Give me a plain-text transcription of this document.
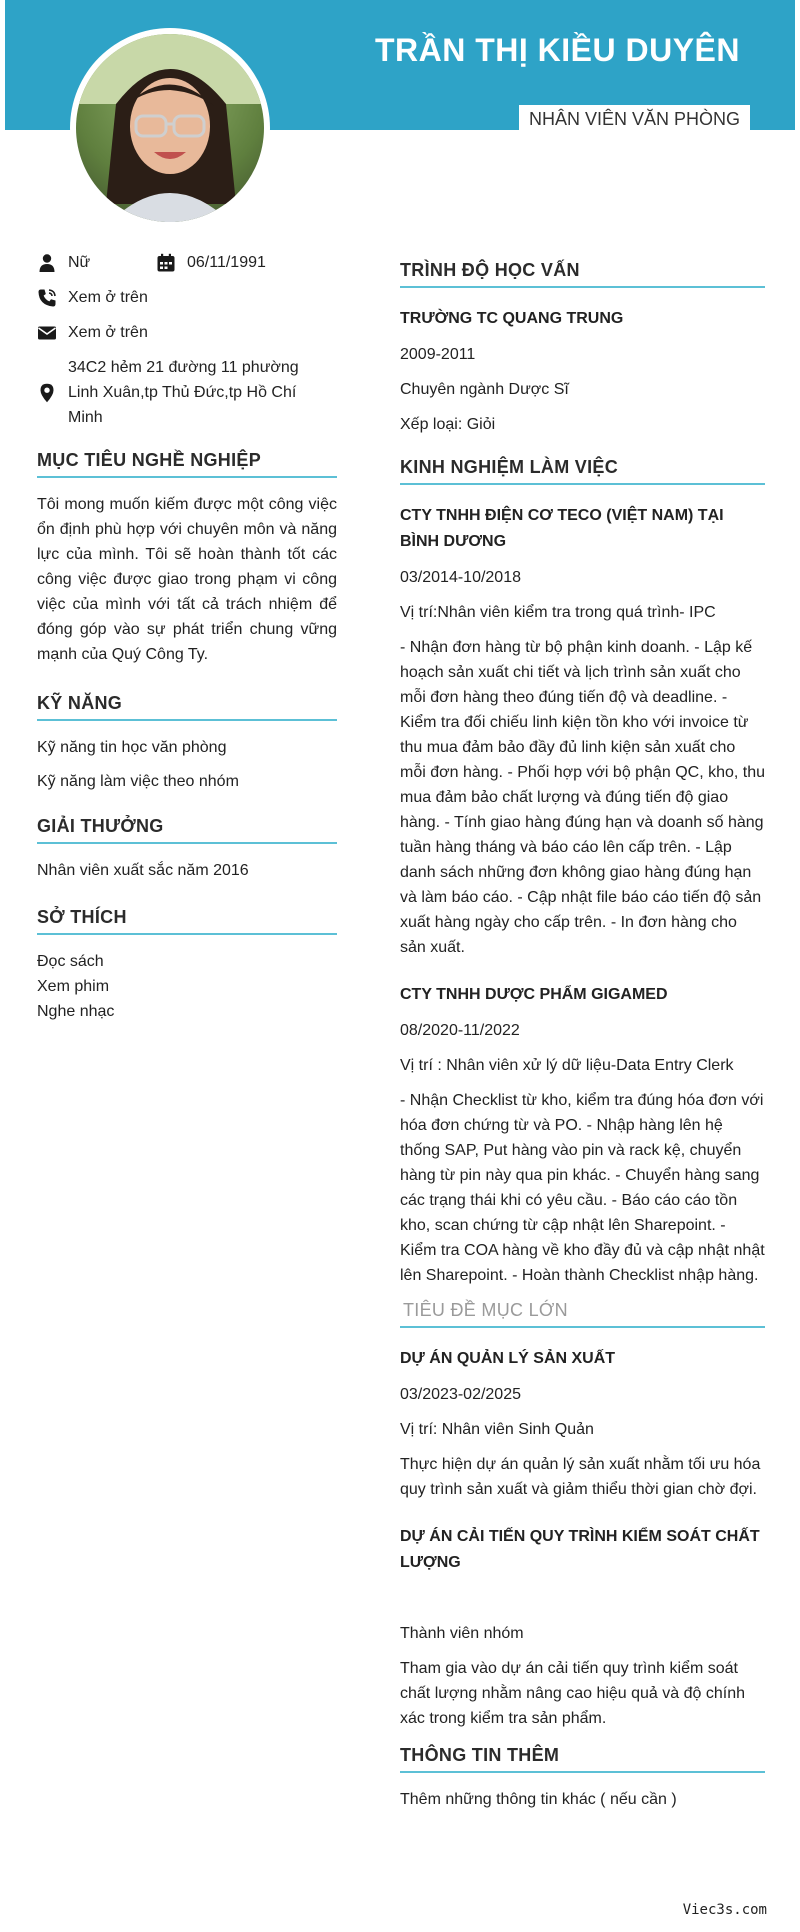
TRẦN THỊ KIỀU DUYÊN
NHÂN VIÊN VĂN PHÒNG
Nữ	06/11/1991
Xem ở trên
Xem ở trên
34C2 hẻm 21 đường 11 phường Linh Xuân,tp Thủ Đức,tp Hồ Chí Minh
MỤC TIÊU NGHỀ NGHIỆP
Tôi mong muốn kiếm được một công việc ổn định phù hợp với chuyên môn và năng lực của mình. Tôi sẽ hoàn thành tốt các công việc được giao trong phạm vi công việc của mình với tất cả trách nhiệm để đóng góp vào sự phát triển chung vững mạnh của Quý Công Ty.
KỸ NĂNG
Kỹ năng tin học văn phòng
Kỹ năng làm việc theo nhóm
GIẢI THƯỞNG
Nhân viên xuất sắc năm 2016
SỞ THÍCH
Đọc sách
Xem phim
Nghe nhạc
TRÌNH ĐỘ HỌC VẤN
TRƯỜNG TC QUANG TRUNG
2009-2011
Chuyên ngành Dược Sĩ
Xếp loại: Giỏi
KINH NGHIỆM LÀM VIỆC
CTY TNHH ĐIỆN CƠ TECO (VIỆT NAM) TẠI BÌNH DƯƠNG
03/2014-10/2018
Vị trí:Nhân viên kiểm tra trong quá trình- IPC
- Nhận đơn hàng từ bộ phận kinh doanh. - Lập kế hoạch sản xuất chi tiết và lịch trình sản xuất cho mỗi đơn hàng theo đúng tiến độ và deadline. - Kiểm tra đối chiếu linh kiện tồn kho với invoice từ thu mua đảm bảo đầy đủ linh kiện sản xuất cho mỗi đơn hàng. - Phối hợp với bộ phận QC, kho, thu mua đảm bảo chất lượng và đúng tiến độ giao hàng. - Tính giao hàng đúng hạn và doanh số hàng tuần hàng tháng và báo cáo lên cấp trên. - Lập danh sách những đơn không giao hàng đúng hạn và làm báo cáo. - Cập nhật file báo cáo tiến độ sản xuất hàng ngày cho cấp trên. - In đơn hàng cho sản xuất.
CTY TNHH DƯỢC PHẨM GIGAMED
08/2020-11/2022
Vị trí : Nhân viên xử lý dữ liệu-Data Entry Clerk
- Nhận Checklist từ kho, kiểm tra đúng hóa đơn với hóa đơn chứng từ và PO. - Nhập hàng lên hệ thống SAP, Put hàng vào pin và rack kệ, chuyển hàng từ pin này qua pin khác. - Chuyển hàng sang các trạng thái khi có yêu cầu. - Báo cáo cáo tồn kho, scan chứng từ cập nhật lên Sharepoint. - Kiểm tra COA hàng về kho đầy đủ và cập nhật nhật lên Sharepoint. - Hoàn thành Checklist nhập hàng.
TIÊU ĐỀ MỤC LỚN
DỰ ÁN QUẢN LÝ SẢN XUẤT
03/2023-02/2025
Vị trí: Nhân viên Sinh Quản
Thực hiện dự án quản lý sản xuất nhằm tối ưu hóa quy trình sản xuất và giảm thiểu thời gian chờ đợi.
DỰ ÁN CẢI TIẾN QUY TRÌNH KIỂM SOÁT CHẤT LƯỢNG
Thành viên nhóm
Tham gia vào dự án cải tiến quy trình kiểm soát chất lượng nhằm nâng cao hiệu quả và độ chính xác trong kiểm tra sản phẩm.
THÔNG TIN THÊM
Thêm những thông tin khác ( nếu cần )
Viec3s.com
